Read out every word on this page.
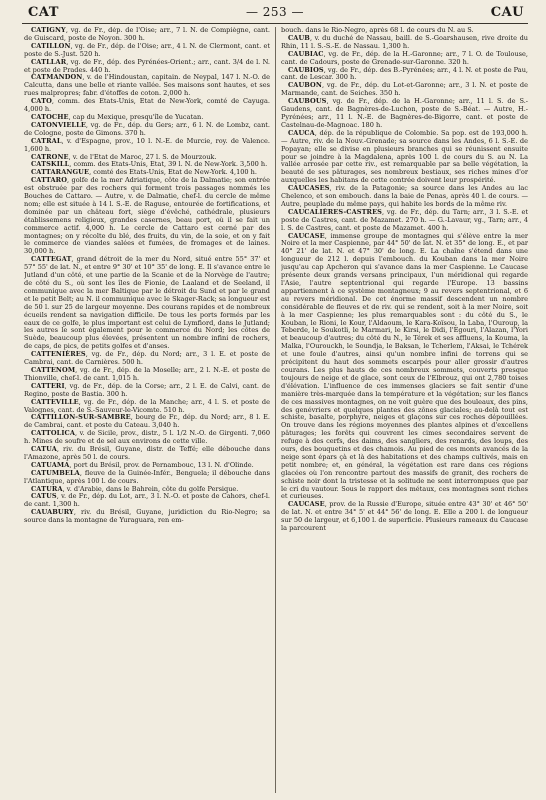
— 253 —
CAT	CAU

CATIGNY, vg. de Fr., dép. de l'Oise; arr., 7 l. N. de Compiègne, cant. de Guiscard, poste de Noyon. 300 h.

CATILLON, vg. de Fr., dép. de l'Oise; arr., 4 l. N. de Clermont, cant. et poste de S.-Just. 520 h.

CATLLAR, vg. de Fr., dép. des Pyrénées-Orient.; arr., cant. 3/4 de l. N. et poste de Prades. 440 h.

CATMANDON, v. de l'Hindoustan, capitain. de Neypal, 147 l. N.-O. de Calcutta, dans une belle et riante vallée. Ses maisons sont hautes, et ses rues malpropres; fabr. d'étoffes de coton. 2,000 h.

CATO, comm. des Etats-Unis, Etat de New-York, comté de Cayuga. 4,000 h.

CATOCHE, cap du Mexique, presqu'île de Yucatan.

CATONVIELLE, vg. de Fr., dép. du Gers; arr., 6 l. N. de Lombz, cant. de Cologne, poste de Gimons. 370 h.

CATRAL, v. d'Espagne, prov., 10 l. N.-E. de Murcie, roy. de Valence. 1,600 h.

CATRONE, v. de l'Etat de Maroc, 27 l. S. de Mourzouk.

CATSKILL, comm. des Etats-Unis, Etat, 39 l. N. de New-York. 3,500 h.

CATTARANGUE, comté des Etats-Unis, Etat de New-York. 4,100 h.

CATTARO, golfe de la mer Adriatique, côte de la Dalmatie; son entrée est obstruée par des rochers qui forment trois passages nommés les Bouches de Cattaro. — Autre, v. de Dalmatie, chef-l. du cercle de même nom; elle est située à 14 l. S.-E. de Raguse, entourée de fortifications, et dominée par un château fort, siège d'évêché, cathédrale, plusieurs établissemens religieux, grandes casernes, beau port, où il se fait un commerce actif. 4,000 h. Le cercle de Cattaro est cerné par des montagnes; on y récolte du blé, des fruits, du vin, de la soie, et on y fait le commerce de viandes salées et fumées, de fromages et de laines. 30,000 h.

CATTEGAT, grand détroit de la mer du Nord, situé entre 55° 37' et 57° 55' de lat. N., et entre 9° 30' et 10° 35' de long. E. Il s'avance entre le Jutland d'un côté, et une partie de la Scanie et de la Norvège de l'autre; de côté du S., où sont les îles de Fionie, de Laaland et de Seeland, il communique avec la mer Baltique par le détroit du Sund et par le grand et le petit Belt; au N. il communique avec le Skager-Rack; sa longueur est de 50 l. sur 25 de largeur moyenne. Des courans rapides et de nombreux écueils rendent sa navigation difficile. De tous les ports formés par les eaux de ce golfe, le plus important est celui de Lymfiord, dans le Jutland; les autres le sont également pour le commerce du Nord; les côtes de Suède, beaucoup plus élevées, présentent un nombre infini de rochers, de caps, de pics, de petits golfes et d'anses.

CATTENIÈRES, vg. de Fr., dép. du Nord; arr., 3 l. E. et poste de Cambrai, cant. de Carnières. 500 h.

CATTENOM, vg. de Fr., dép. de la Moselle; arr., 2 l. N.-E. et poste de Thionville, chef-l. de cant. 1,015 h.

CATTERI, vg. de Fr., dép. de la Corse; arr., 2 l. E. de Calvi, cant. de Regino, poste de Bastia. 300 h.

CATTEVILLE, vg. de Fr., dép. de la Manche; arr., 4 l. S. et poste de Valognes, cant. de S.-Sauveur-le-Vicomte. 510 h.

CATTILLON-SUR-SAMBRE, bourg de Fr., dép. du Nord; arr., 8 l. E. de Cambrai, cant. et poste du Cateau. 3,040 h.

CATTOLICA, v. de Sicile, prov., distr., 5 l. 1/2 N.-O. de Girgenti. 7,060 h. Mines de soufre et de sel aux environs de cette ville.

CATUA, riv. du Brésil, Guyane, distr. de Teffé; elle débouche dans l'Amazone, après 50 l. de cours.

CATUAMA, port du Brésil, prov. de Pernambouc, 13 l. N. d'Olinde.

CATUMBELA, fleuve de la Guinée-Infér., Benguela; il débouche dans l'Atlantique, après 100 l. de cours.

CATURA, v. d'Arabie, dans le Bahrein, côte du golfe Persique.

CATUS, v. de Fr., dép. du Lot, arr., 3 l. N.-O. et poste de Cahors, chef-l. de cant. 1,300 h.

CAUABURY, riv. du Brésil, Guyane, juridiction du Rio-Negro; sa source dans la montagne de Yuraguara, ren em-

bouch. dans le Rio-Negro, après 68 l. de cours du N. au S.

CAUB, v. du duché de Nassau, baill. de S.-Goarshausen, rive droite du Rhin, 11 l. S.-S.-E. de Nassau. 1,300 h.

CAUBIAC, vg. de Fr., dép. de la H.-Garonne; arr., 7 l. O. de Toulouse, cant. de Cadours, poste de Grenade-sur-Garonne. 320 h.

CAUBIOS, vg. de Fr., dép. des B.-Pyrénées; arr., 4 l. N. et poste de Pau, cant. de Lescar. 300 h.

CAUBON, vg. de Fr., dép. du Lot-et-Garonne; arr., 3 l. N. et poste de Marmande, cant. de Seiches. 350 h.

CAUBOUS, vg. de Fr., dép. de la H.-Garonne; arr., 11 l. S. de S.-Gaudens, cant. de Bagnères-de-Luchon, poste de S.-Béat. — Autre, H.-Pyrénées; arr., 11 l. N.-E. de Bagnères-de-Bigorre, cant. et poste de Castelnau-de-Magnoac. 180 h.

CAUCA, dép. de la république de Colombie. Sa pop. est de 193,000 h. — Autre, riv. de la Nouv.-Grenade; sa source dans les Andes, 6 l. S.-E. de Popayan; elle se divise en plusieurs branches qui se réunissent ensuite pour se joindre à la Magdalena, après 100 l. de cours du S. au N. La vallée arrosée par cette riv., est remarquable par sa belle végétation, la beauté de ses pâturages, ses nombreux bestiaux, ses riches mines d'or auxquelles les habitans de cette contrée doivent leur prospérité.

CAUCASES, riv. de la Patagonie; sa source dans les Andes au lac Chelenco, et son embouch. dans la baie de Penas, après 40 l. de cours. — Autre, peuplade du même pays, qui habite les bords de la même riv.

CAUCALIÈRES-CASTRES, vg. de Fr., dép. du Tarn; arr., 3 l. S.-E. et poste de Castres, cant. de Mazamet. 270 h. — G.-Lavaur, vg., Tarn; arr., 4 l. S. de Castres, cant. et poste de Mazamet. 400 h.

CAUCASE, immense groupe de montagnes qui s'élève entre la mer Noire et la mer Caspienne, par 44° 50' de lat. N. et 35° de long. E., et par 40° 21' de lat. N. et 47° 30' de long. E. La chaîne s'étend dans une longueur de 212 l. depuis l'embouch. du Kouban dans la mer Noire jusqu'au cap Apcheron qui s'avance dans la mer Caspienne. Le Caucase présente deux grands versans principaux, l'un méridional qui regarde l'Asie, l'autre septentrional qui regarde l'Europe. 13 bassins appartiennent à ce système montagneux; 9 au revers septentrional, et 6 au revers méridional. De cet énorme massif descendent un nombre considérable de fleuves et de riv. qui se rendent, soit à la mer Noire, soit à la mer Caspienne; les plus remarquables sont : du côté du S., le Kouban, le Rioni, le Kour, l'Aldaoum, le Kara-Koïsou, la Laba, l'Ouroup, la Teberde, le Soukotli, le Marmari, le Kirsi, le Didi, l'Egouri, l'Alazan, l'Yori et beaucoup d'autres; du côté du N., le Térek et ses affluens, la Kouma, la Malka, l'Ourouckh, le Soundja, le Baksan, le Tcherlem, l'Aksai, le Tchérek et une foule d'autres, ainsi qu'un nombre infini de torrens qui se précipitent du haut des sommets escarpés pour aller grossir d'autres courans. Les plus hauts de ces nombreux sommets, couverts presque toujours de neige et de glace, sont ceux de l'Elbrouz, qui ont 2,780 toises d'élévation. L'influence de ces immenses glaciers se fait sentir d'une manière très-marquée dans la température et la végétation; sur les flancs de ces massives montagnes, on ne voit guère que des bouleaux, des pins, des genévriers et quelques plantes des zônes glaciales; au-delà tout est schiste, basalte, porphyre, neiges et glaçons sur ces roches dépouillées. On trouve dans les régions moyennes des plantes alpines et d'excellens pâturages; les forêts qui couvrent les cimes secondaires servent de refuge à des cerfs, des daims, des sangliers, des renards, des loups, des ours, des bouquetins et des chamois. Au pied de ces monts avancés de la neige sont épars çà et là des habitations et des champs cultivés, mais en petit nombre; et, en général, la végétation est rare dans ces régions glacées où l'on rencontre partout des massifs de granit, des rochers de schiste noir dont la tristesse et la solitude ne sont interrompues que par le cri du vautour. Sous le rapport des métaux, ces montagnes sont riches et curieuses.

CAUCASE, prov. de la Russie d'Europe, située entre 43° 30' et 46° 50' de lat. N. et entre 34° 5' et 44° 56' de long. E. Elle a 200 l. de longueur sur 50 de largeur, et 6,100 l. de superficie. Plusieurs rameaux du Caucase la parcourent
